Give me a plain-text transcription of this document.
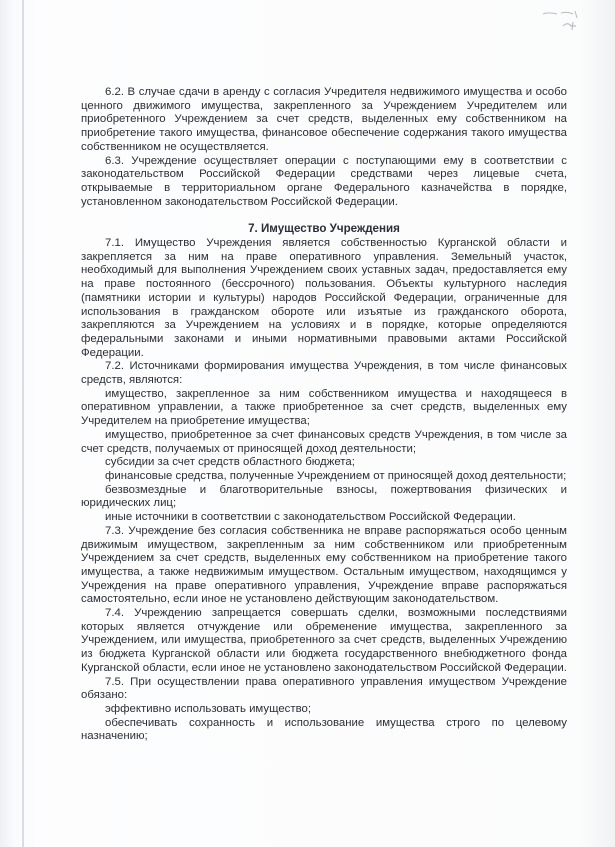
6.2. В случае сдачи в аренду с согласия Учредителя недвижимого имущества и особо ценного движимого имущества, закрепленного за Учреждением Учредителем или приобретенного Учреждением за счет средств, выделенных ему собственником на приобретение такого имущества, финансовое обеспечение содержания такого имущества собственником не осуществляется.

6.3. Учреждение осуществляет операции с поступающими ему в соответствии с законодательством Российской Федерации средствами через лицевые счета, открываемые в территориальном органе Федерального казначейства в порядке, установленном законодательством Российской Федерации.

7. Имущество Учреждения

7.1. Имущество Учреждения является собственностью Курганской области и закрепляется за ним на праве оперативного управления. Земельный участок, необходимый для выполнения Учреждением своих уставных задач, предоставляется ему на праве постоянного (бессрочного) пользования. Объекты культурного наследия (памятники истории и культуры) народов Российской Федерации, ограниченные для использования в гражданском обороте или изъятые из гражданского оборота, закрепляются за Учреждением на условиях и в порядке, которые определяются федеральными законами и иными нормативными правовыми актами Российской Федерации.

7.2. Источниками формирования имущества Учреждения, в том числе финансовых средств, являются:

имущество, закрепленное за ним собственником имущества и находящееся в оперативном управлении, а также приобретенное за счет средств, выделенных ему Учредителем на приобретение имущества;

имущество, приобретенное за счет финансовых средств Учреждения, в том числе за счет средств, получаемых от приносящей доход деятельности;

субсидии за счет средств областного бюджета;

финансовые средства, полученные Учреждением от приносящей доход деятельности;

безвозмездные и благотворительные взносы, пожертвования физических и юридических лиц;

иные источники в соответствии с законодательством Российской Федерации.

7.3. Учреждение без согласия собственника не вправе распоряжаться особо ценным движимым имуществом, закрепленным за ним собственником или приобретенным Учреждением за счет средств, выделенных ему собственником на приобретение такого имущества, а также недвижимым имуществом. Остальным имуществом, находящимся у Учреждения на праве оперативного управления, Учреждение вправе распоряжаться самостоятельно, если иное не установлено действующим законодательством.

7.4. Учреждению запрещается совершать сделки, возможными последствиями которых является отчуждение или обременение имущества, закрепленного за Учреждением, или имущества, приобретенного за счет средств, выделенных Учреждению из бюджета Курганской области или бюджета государственного внебюджетного фонда Курганской области, если иное не установлено законодательством Российской Федерации.

7.5. При осуществлении права оперативного управления имуществом Учреждение обязано:

эффективно использовать имущество;

обеспечивать сохранность и использование имущества строго по целевому назначению;
